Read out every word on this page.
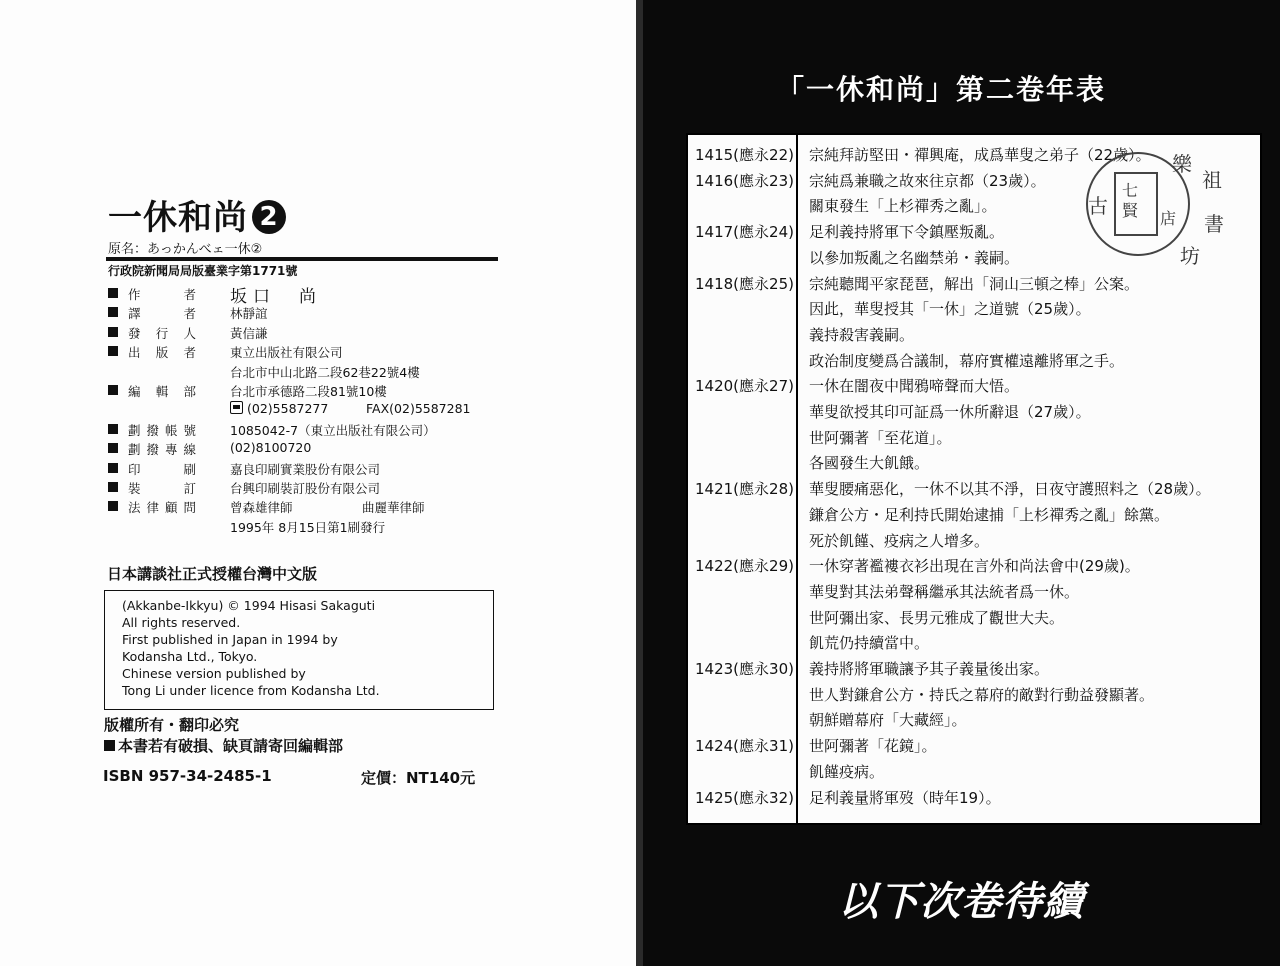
一休和尚 2
原名：あっかんべェ一休②
行政院新聞局局版臺業字第1771號
作　者 坂口　尚
譯　者	林靜誼
發 行 人	黃信謙
出 版 者	東立出版社有限公司
台北市中山北路二段62巷22號4樓
編 輯 部	台北市承德路二段81號10樓
(02)5587277	FAX(02)5587281
劃撥帳號	1085042-7（東立出版社有限公司）
劃撥專線	(02)8100720
印　刷	嘉良印刷實業股份有限公司
裝　訂	台興印刷裝訂股份有限公司
法律顧問	曾森雄律師	曲麗華律師
1995年 8月15日第1刷發行
日本講談社正式授權台灣中文版
(Akkanbe-Ikkyu) © 1994 Hisasi Sakaguti
All rights reserved.
First published in Japan in 1994 by
Kodansha Ltd., Tokyo.
Chinese version published by
Tong Li under licence from Kodansha Ltd.
版權所有・翻印必究
本書若有破損、缺頁請寄回編輯部
ISBN 957-34-2485-1	定價：NT140元
「一休和尚」第二卷年表
1415(應永22) 宗純拜訪堅田・禪興庵，成爲華叟之弟子（22歲）。
1416(應永23) 宗純爲兼職之故來往京都（23歲）。
關東發生「上杉禪秀之亂」。
1417(應永24) 足利義持將軍下令鎮壓叛亂。
以參加叛亂之名幽禁弟・義嗣。
1418(應永25) 宗純聽聞平家琵琶，解出「洞山三頓之棒」公案。
因此，華叟授其「一休」之道號（25歲）。
義持殺害義嗣。
政治制度變爲合議制，幕府實權遠離將軍之手。
1420(應永27) 一休在闇夜中聞鴉啼聲而大悟。
華叟欲授其印可証爲一休所辭退（27歲）。
世阿彌著「至花道」。
各國發生大飢餓。
1421(應永28) 華叟腰痛惡化，一休不以其不淨，日夜守護照料之（28歲）。
鎌倉公方・足利持氏開始逮捕「上杉禪秀之亂」餘黨。
死於飢饉、疫病之人增多。
1422(應永29) 一休穿著襤褸衣衫出現在言外和尚法會中(29歲)。
華叟對其法弟聲稱繼承其法統者爲一休。
世阿彌出家、長男元雅成了觀世大夫。
飢荒仍持續當中。
1423(應永30) 義持將將軍職讓予其子義量後出家。
世人對鎌倉公方・持氏之幕府的敵對行動益發顯著。
朝鮮贈幕府「大藏經」。
1424(應永31) 世阿彌著「花鏡」。
飢饉疫病。
1425(應永32) 足利義量將軍歿（時年19）。
樂
祖
書
坊
古
七
賢 店
以下次卷待續
